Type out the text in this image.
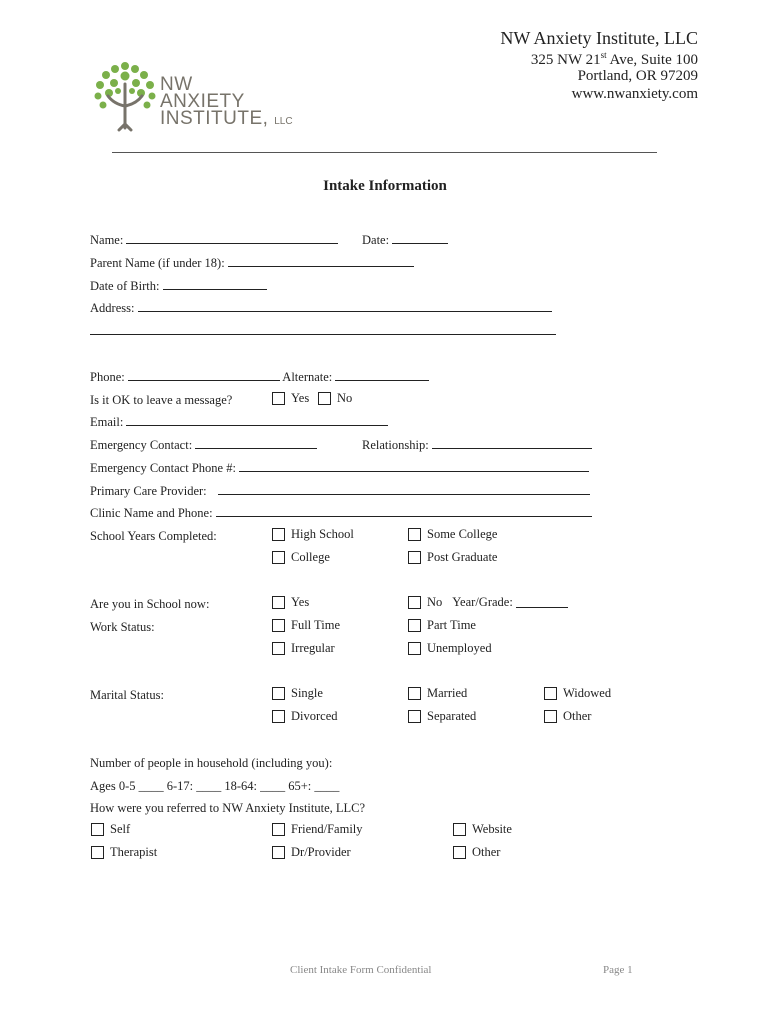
NW Anxiety Institute, LLC
325 NW 21st Ave, Suite 100
Portland, OR 97209
www.nwanxiety.com
NW
ANXIETY
INSTITUTE, LLC
Intake Information
Name:	Date:
Parent Name (if under 18):
Date of Birth:
Address:
Phone:	Alternate:
Is it OK to leave a message?	Yes No
Email:
Emergency Contact:	Relationship:
Emergency Contact Phone #:
Primary Care Provider:
Clinic Name and Phone:
School Years Completed:	High School	Some College
College	Post Graduate
Are you in School now:	Yes	No Year/Grade:
Work Status:	Full Time	Part Time
Irregular	Unemployed
Marital Status:	Single	Married	Widowed
Divorced	Separated	Other
Number of people in household (including you):
Ages 0-5 ____ 6-17: ____ 18-64: ____ 65+: ____
How were you referred to NW Anxiety Institute, LLC?
Self	Friend/Family	Website
Therapist	Dr/Provider	Other
Client Intake Form Confidential	Page 1
